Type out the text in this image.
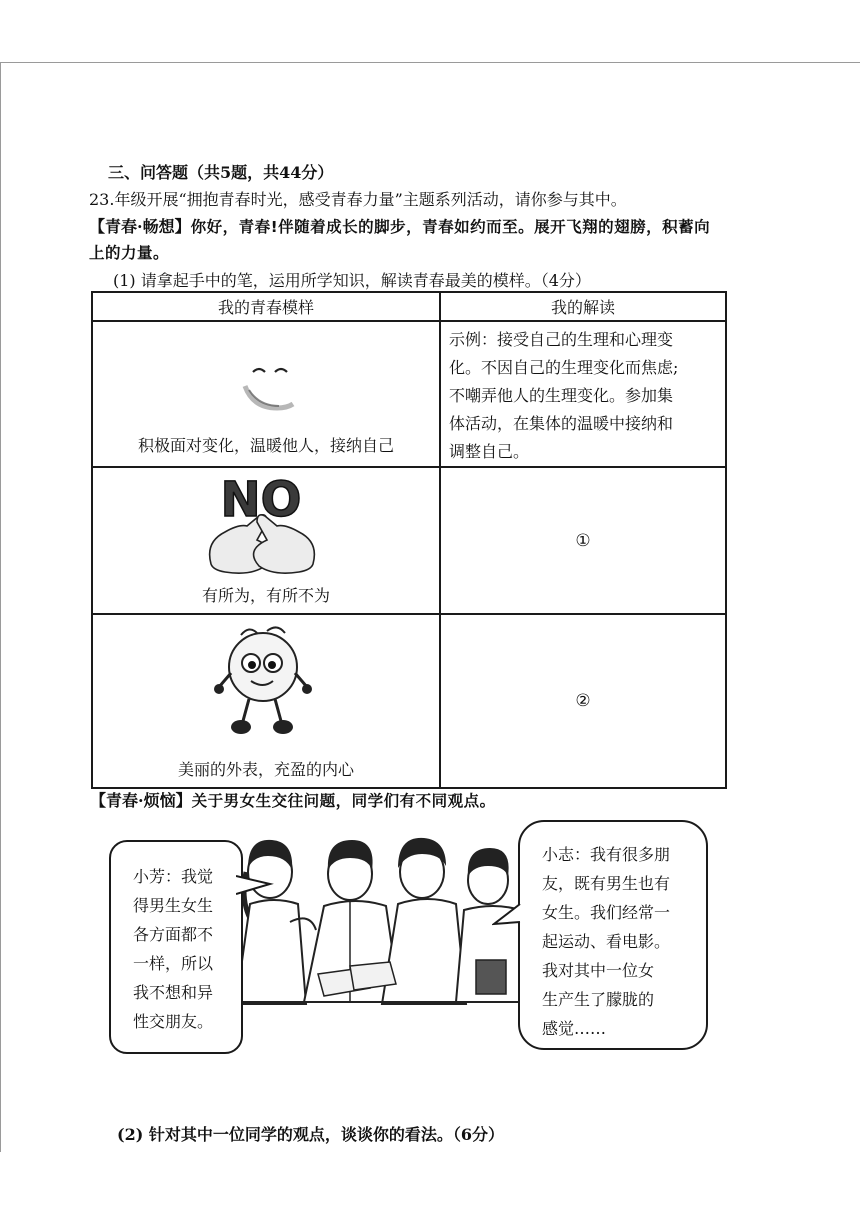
三、问答题（共5题，共44分）
23.年级开展“拥抱青春时光，感受青春力量”主题系列活动，请你参与其中。
【青春·畅想】你好，青春!伴随着成长的脚步，青春如约而至。展开飞翔的翅膀，积蓄向
上的力量。
(1) 请拿起手中的笔，运用所学知识，解读青春最美的模样。（4分）
我的青春模样	我的解读

积极面对变化，温暖他人，接纳自己	示例：接受自己的生理和心理变
化。不因自己的生理变化而焦虑;
不嘲弄他人的生理变化。参加集
体活动，在集体的温暖中接纳和
调整自己。

NO
有所为，有所不为	①

美丽的外表，充盈的内心	②
【青春·烦恼】关于男女生交往问题，同学们有不同观点。
小芳：我觉
得男生女生
各方面都不
一样，所以
我不想和异
性交朋友。
小志：我有很多朋
友，既有男生也有
女生。我们经常一
起运动、看电影。
我对其中一位女
生产生了朦胧的
感觉……
(2) 针对其中一位同学的观点，谈谈你的看法。（6分）
